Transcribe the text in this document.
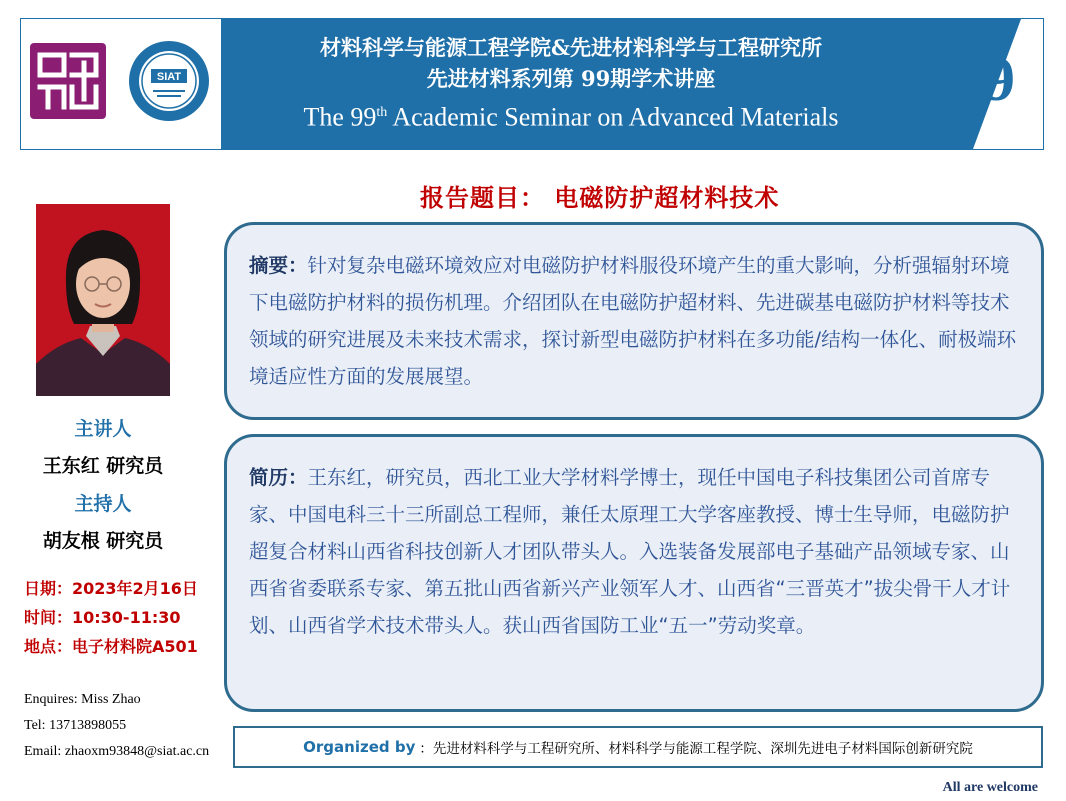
SIAT
材料科学与能源工程学院&先进材料科学与工程研究所
先进材料系列第 99期学术讲座
The 99th Academic Seminar on Advanced Materials
99
报告题目： 电磁防护超材料技术
主讲人
王东红 研究员
主持人
胡友根 研究员
日期：2023年2月16日
时间：10:30-11:30
地点：电子材料院A501
Enquires: Miss Zhao
Tel: 13713898055
Email: zhaoxm93848@siat.ac.cn
摘要：针对复杂电磁环境效应对电磁防护材料服役环境产生的重大影响，分析强辐射环境下电磁防护材料的损伤机理。介绍团队在电磁防护超材料、先进碳基电磁防护材料等技术领域的研究进展及未来技术需求，探讨新型电磁防护材料在多功能/结构一体化、耐极端环境适应性方面的发展展望。
简历：王东红，研究员，西北工业大学材料学博士，现任中国电子科技集团公司首席专家、中国电科三十三所副总工程师，兼任太原理工大学客座教授、博士生导师，电磁防护超复合材料山西省科技创新人才团队带头人。入选装备发展部电子基础产品领域专家、山西省省委联系专家、第五批山西省新兴产业领军人才、山西省“三晋英才”拔尖骨干人才计划、山西省学术技术带头人。获山西省国防工业“五一”劳动奖章。
Organized by ：先进材料科学与工程研究所、材料科学与能源工程学院、深圳先进电子材料国际创新研究院
All are welcome
